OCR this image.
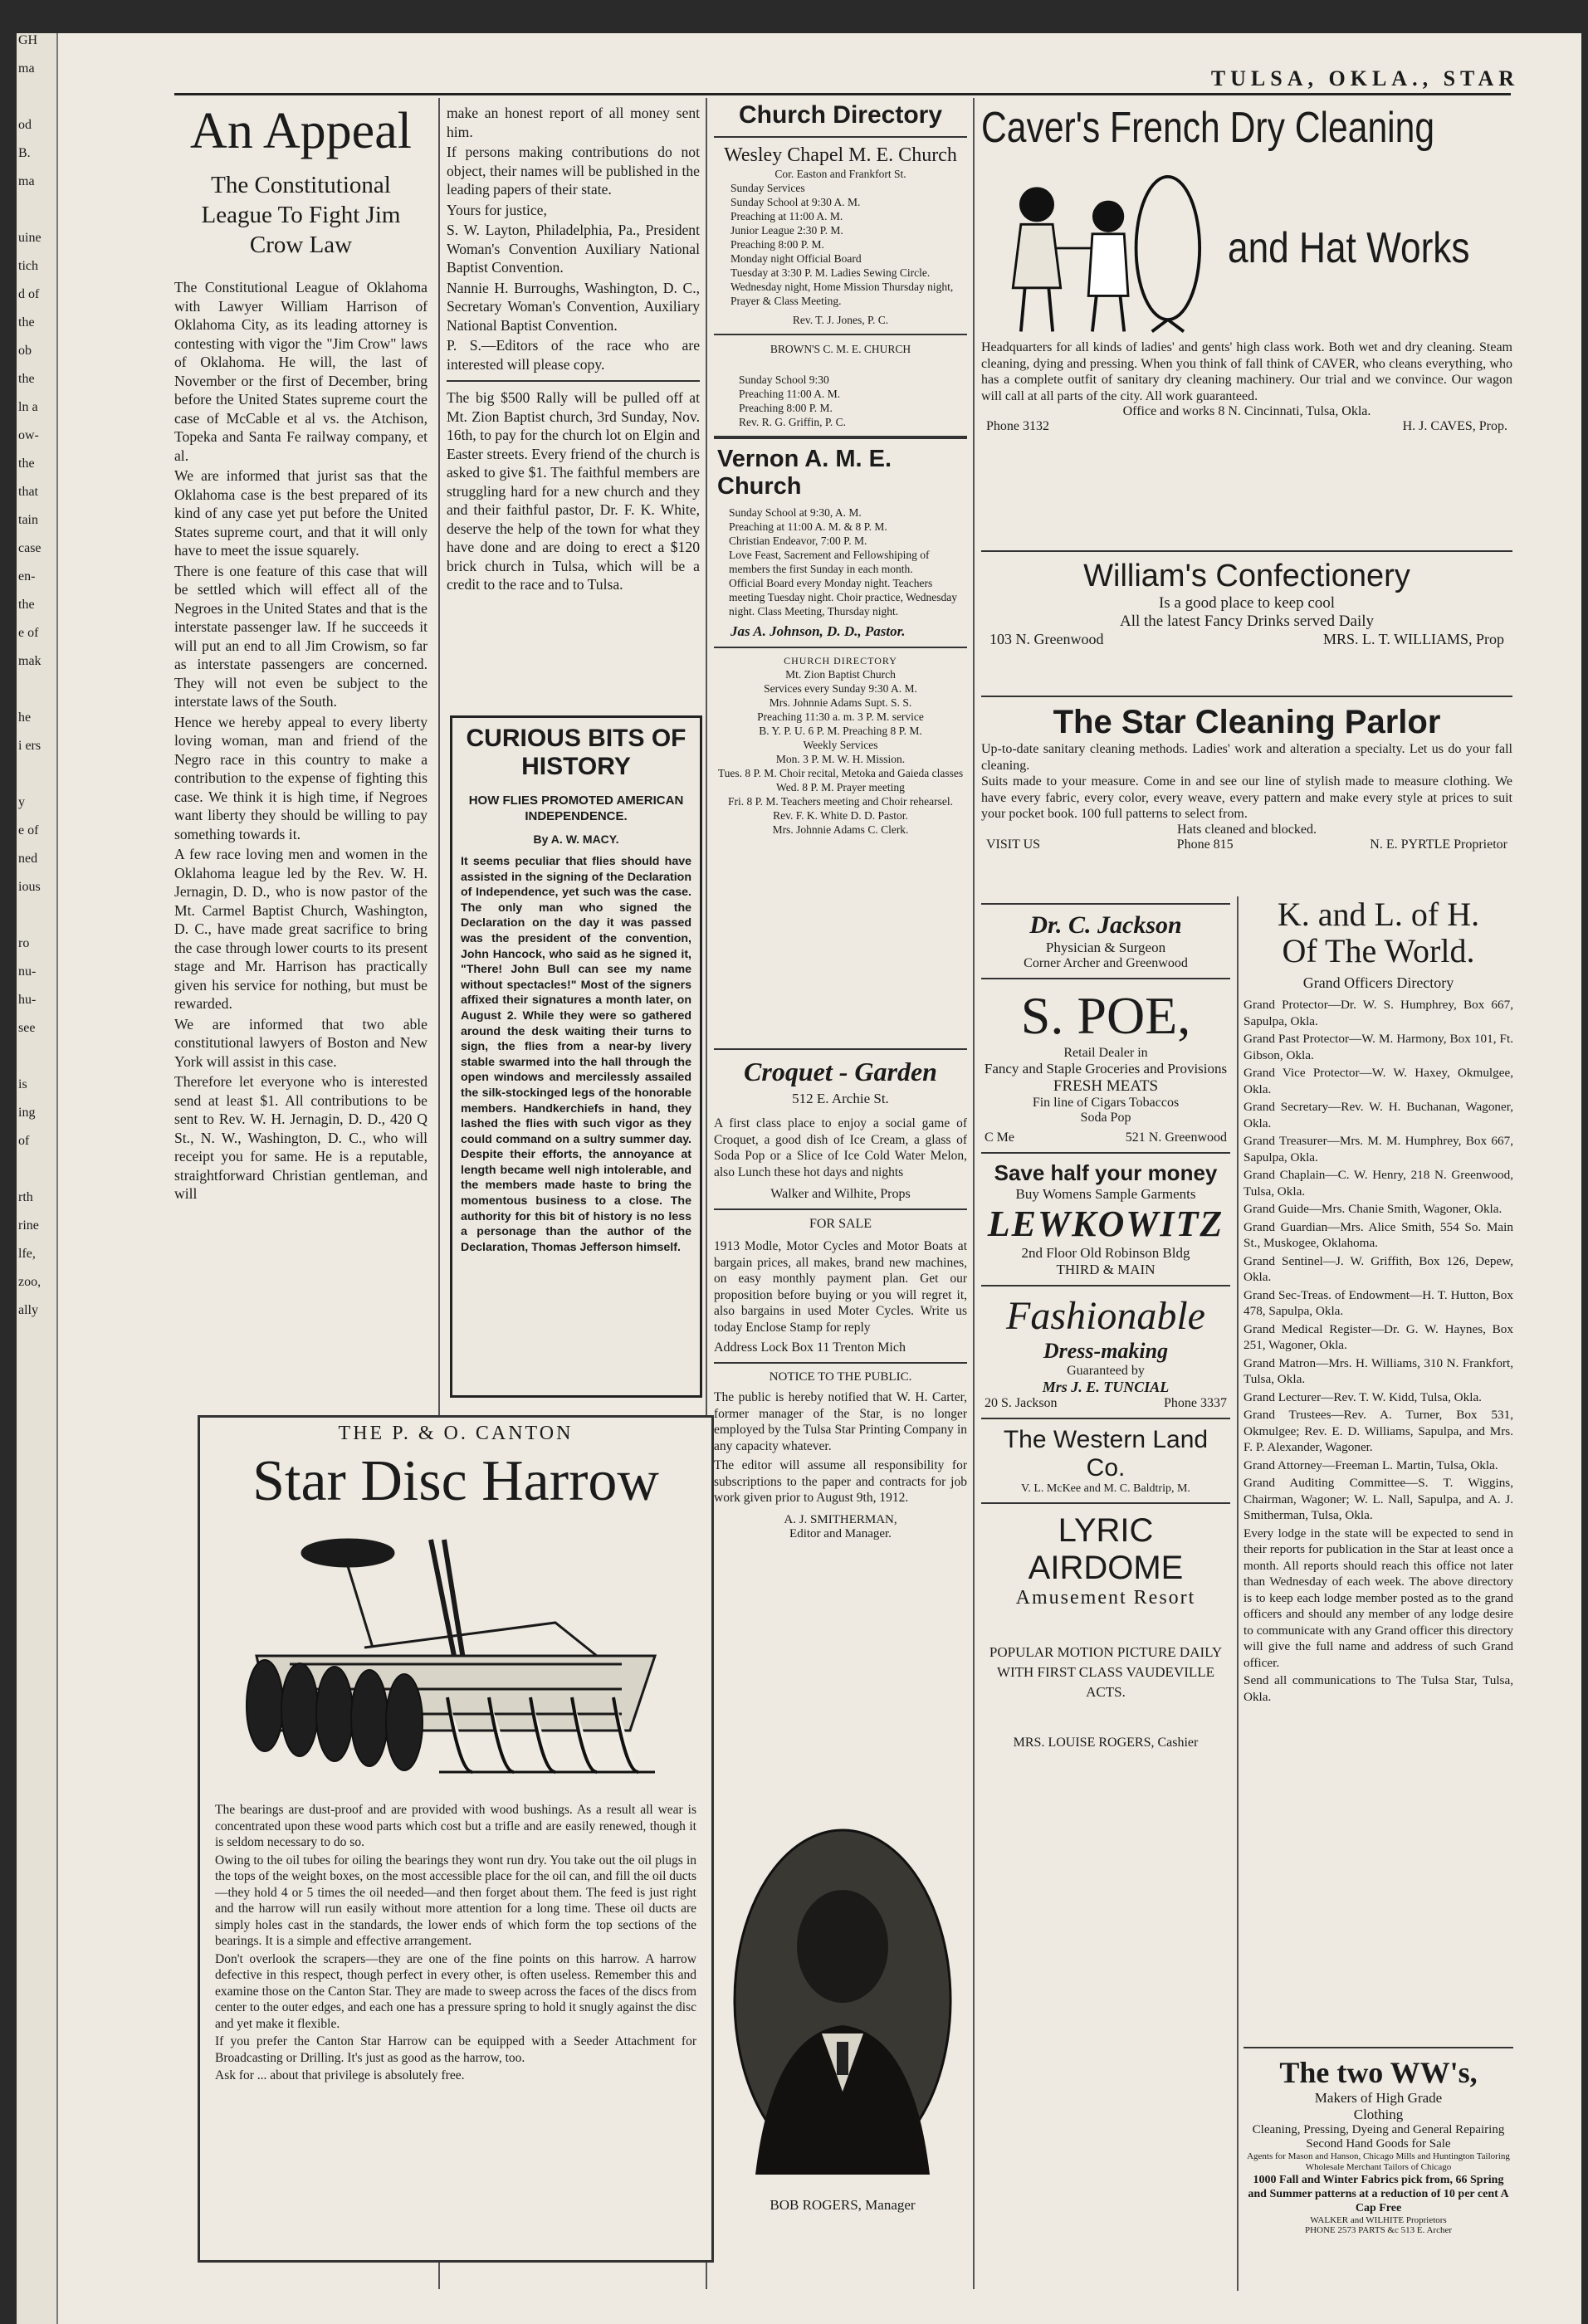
GH
ma
od
B.
ma
uine
tich
d of
the
ob
the
ln a
ow-
the
that
tain
case
en-
the
e of
mak
he
i ers
y
e of
ned
ious
ro
nu-
hu-
see
is
ing
of
rth
rine
lfe,
zoo,
ally
TULSA, OKLA., STAR
An Appeal
The Constitutional League To Fight Jim Crow Law

The Constitutional League of Oklahoma with Lawyer William Harrison of Oklahoma City, as its leading attorney is contesting with vigor the "Jim Crow" laws of Oklahoma. He will, the last of November or the first of December, bring before the United States supreme court the case of McCable et al vs. the Atchison, Topeka and Santa Fe railway company, et al.

We are informed that jurist sas that the Oklahoma case is the best prepared of its kind of any case yet put before the United States supreme court, and that it will only have to meet the issue squarely.

There is one feature of this case that will be settled which will effect all of the Negroes in the United States and that is the interstate passenger law. If he succeeds it will put an end to all Jim Crowism, so far as interstate passengers are concerned. They will not even be subject to the interstate laws of the South.

Hence we hereby appeal to every liberty loving woman, man and friend of the Negro race in this country to make a contribution to the expense of fighting this case. We think it is high time, if Negroes want liberty they should be willing to pay something towards it.

A few race loving men and women in the Oklahoma league led by the Rev. W. H. Jernagin, D. D., who is now pastor of the Mt. Carmel Baptist Church, Washington, D. C., have made great sacrifice to bring the case through lower courts to its present stage and Mr. Harrison has practically given his service for nothing, but must be rewarded.

We are informed that two able constitutional lawyers of Boston and New York will assist in this case.

Therefore let everyone who is interested send at least $1. All contributions to be sent to Rev. W. H. Jernagin, D. D., 420 Q St., N. W., Washington, D. C., who will receipt you for same. He is a reputable, straightforward Christian gentleman, and will

make an honest report of all money sent him.

If persons making contributions do not object, their names will be published in the leading papers of their state.

Yours for justice,

S. W. Layton, Philadelphia, Pa., President Woman's Convention Auxiliary National Baptist Convention.

Nannie H. Burroughs, Washington, D. C., Secretary Woman's Convention, Auxiliary National Baptist Convention.

P. S.—Editors of the race who are interested will please copy.

The big $500 Rally will be pulled off at Mt. Zion Baptist church, 3rd Sunday, Nov. 16th, to pay for the church lot on Elgin and Easter streets. Every friend of the church is asked to give $1. The faithful members are struggling hard for a new church and they and their faithful pastor, Dr. F. K. White, deserve the help of the town for what they have done and are doing to erect a $120 brick church in Tulsa, which will be a credit to the race and to Tulsa.

CURIOUS BITS OF HISTORY
HOW FLIES PROMOTED AMERICAN INDEPENDENCE.
By A. W. MACY.
It seems peculiar that flies should have assisted in the signing of the Declaration of Independence, yet such was the case. The only man who signed the Declaration on the day it was passed was the president of the convention, John Hancock, who said as he signed it, "There! John Bull can see my name without spectacles!" Most of the signers affixed their signatures a month later, on August 2. While they were so gathered around the desk waiting their turns to sign, the flies from a near-by livery stable swarmed into the hall through the open windows and mercilessly assailed the silk-stockinged legs of the honorable members. Handkerchiefs in hand, they lashed the flies with such vigor as they could command on a sultry summer day. Despite their efforts, the annoyance at length became well nigh intolerable, and the members made haste to bring the momentous business to a close. The authority for this bit of history is no less a personage than the author of the Declaration, Thomas Jefferson himself.
THE P. & O. CANTON
Star Disc Harrow

The bearings are dust-proof and are provided with wood bushings. As a result all wear is concentrated upon these wood parts which cost but a trifle and are easily renewed, though it is seldom necessary to do so.

Owing to the oil tubes for oiling the bearings they wont run dry. You take out the oil plugs in the tops of the weight boxes, on the most accessible place for the oil can, and fill the oil ducts—they hold 4 or 5 times the oil needed—and then forget about them. The feed is just right and the harrow will run easily without more attention for a long time. These oil ducts are simply holes cast in the standards, the lower ends of which form the top sections of the bearings. It is a simple and effective arrangement.

Don't overlook the scrapers—they are one of the fine points on this harrow. A harrow defective in this respect, though perfect in every other, is often useless. Remember this and examine those on the Canton Star. They are made to sweep across the faces of the discs from center to the outer edges, and each one has a pressure spring to hold it snugly against the disc and yet make it flexible.

If you prefer the Canton Star Harrow can be equipped with a Seeder Attachment for Broadcasting or Drilling. It's just as good as the harrow, too.

Ask for ... about that privilege is absolutely free.

Church Directory
Wesley Chapel M. E. Church
Cor. Easton and Frankfort St.
Sunday Services
Sunday School at 9:30 A. M.
Preaching at 11:00 A. M.
Junior League 2:30 P. M.
Preaching 8:00 P. M.
Monday night Official Board
Tuesday at 3:30 P. M. Ladies Sewing Circle.
Wednesday night, Home Mission Thursday night, Prayer & Class Meeting.
Rev. T. J. Jones, P. C.
BROWN'S C. M. E. CHURCH
Sunday School 9:30
Preaching 11:00 A. M.
Preaching 8:00 P. M.
Rev. R. G. Griffin, P. C.
Vernon A. M. E. Church
Sunday School at 9:30, A. M.
Preaching at 11:00 A. M. & 8 P. M.
Christian Endeavor, 7:00 P. M.
Love Feast, Sacrement and Fellowshiping of members the first Sunday in each month.
Official Board every Monday night. Teachers meeting Tuesday night. Choir practice, Wednesday night. Class Meeting, Thursday night.
Jas A. Johnson, D. D., Pastor.
CHURCH DIRECTORY
Mt. Zion Baptist Church
Services every Sunday 9:30 A. M.
Mrs. Johnnie Adams Supt. S. S.
Preaching 11:30 a. m. 3 P. M. service
B. Y. P. U. 6 P. M. Preaching 8 P. M.
Weekly Services
Mon. 3 P. M. W. H. Mission.
Tues. 8 P. M. Choir recital, Metoka and Gaieda classes
Wed. 8 P. M. Prayer meeting
Fri. 8 P. M. Teachers meeting and Choir rehearsel.
Rev. F. K. White D. D. Pastor.
Mrs. Johnnie Adams C. Clerk.
Croquet - Garden
512 E. Archie St.
A first class place to enjoy a social game of Croquet, a good dish of Ice Cream, a glass of Soda Pop or a Slice of Ice Cold Water Melon, also Lunch these hot days and nights
Walker and Wilhite, Props
FOR SALE
1913 Modle, Motor Cycles and Motor Boats at bargain prices, all makes, brand new machines, on easy monthly payment plan. Get our proposition before buying or you will regret it, also bargains in used Moter Cycles. Write us today Enclose Stamp for reply
Address Lock Box 11 Trenton Mich
NOTICE TO THE PUBLIC.
The public is hereby notified that W. H. Carter, former manager of the Star, is no longer employed by the Tulsa Star Printing Company in any capacity whatever.
The editor will assume all responsibility for subscriptions to the paper and contracts for job work given prior to August 9th, 1912.
A. J. SMITHERMAN,
Editor and Manager.
BOB ROGERS, Manager
Caver's French Dry Cleaning
and Hat Works
Headquarters for all kinds of ladies' and gents' high class work. Both wet and dry cleaning. Steam cleaning, dying and pressing. When you think of fall think of CAVER, who cleans everything, who has a complete outfit of sanitary dry cleaning machinery. Our trial and we convince. Our wagon will call at all parts of the city. All work guaranteed.
Office and works 8 N. Cincinnati, Tulsa, Okla.
Phone 3132	H. J. CAVES, Prop.
William's Confectionery
Is a good place to keep cool
All the latest Fancy Drinks served Daily
103 N. Greenwood	MRS. L. T. WILLIAMS, Prop
The Star Cleaning Parlor
Up-to-date sanitary cleaning methods. Ladies' work and alteration a specialty. Let us do your fall cleaning.
Suits made to your measure. Come in and see our line of stylish made to measure clothing. We have every fabric, every color, every weave, every pattern and make every style at prices to suit your pocket book. 100 full patterns to select from.
Hats cleaned and blocked.
VISIT US	Phone 815	N. E. PYRTLE Proprietor
Dr. C. Jackson
Physician & Surgeon
Corner Archer and Greenwood
S. POE,
Retail Dealer in
Fancy and Staple Groceries and Provisions
FRESH MEATS
Fin line of Cigars Tobaccos
Soda Pop
C Me	521 N. Greenwood
Save half your money
Buy Womens Sample Garments
LEWKOWITZ
2nd Floor Old Robinson Bldg
THIRD & MAIN
Fashionable
Dress-making
Guaranteed by
Mrs J. E. TUNCIAL
20 S. Jackson	Phone 3337
The Western Land Co.
V. L. McKee and M. C. Baldtrip, M.
LYRIC
AIRDOME
Amusement Resort
POPULAR MOTION PICTURE DAILY WITH FIRST CLASS VAUDEVILLE ACTS.
MRS. LOUISE ROGERS, Cashier
K. and L. of H.
Of The World.
Grand Officers Directory

Grand Protector—Dr. W. S. Humphrey, Box 667, Sapulpa, Okla.

Grand Past Protector—W. M. Harmony, Box 101, Ft. Gibson, Okla.

Grand Vice Protector—W. W. Haxey, Okmulgee, Okla.

Grand Secretary—Rev. W. H. Buchanan, Wagoner, Okla.

Grand Treasurer—Mrs. M. M. Humphrey, Box 667, Sapulpa, Okla.

Grand Chaplain—C. W. Henry, 218 N. Greenwood, Tulsa, Okla.

Grand Guide—Mrs. Chanie Smith, Wagoner, Okla.

Grand Guardian—Mrs. Alice Smith, 554 So. Main St., Muskogee, Oklahoma.

Grand Sentinel—J. W. Griffith, Box 126, Depew, Okla.

Grand Sec-Treas. of Endowment—H. T. Hutton, Box 478, Sapulpa, Okla.

Grand Medical Register—Dr. G. W. Haynes, Box 251, Wagoner, Okla.

Grand Matron—Mrs. H. Williams, 310 N. Frankfort, Tulsa, Okla.

Grand Lecturer—Rev. T. W. Kidd, Tulsa, Okla.

Grand Trustees—Rev. A. Turner, Box 531, Okmulgee; Rev. E. D. Williams, Sapulpa, and Mrs. F. P. Alexander, Wagoner.

Grand Attorney—Freeman L. Martin, Tulsa, Okla.

Grand Auditing Committee—S. T. Wiggins, Chairman, Wagoner; W. L. Nall, Sapulpa, and A. J. Smitherman, Tulsa, Okla.

Every lodge in the state will be expected to send in their reports for publication in the Star at least once a month. All reports should reach this office not later than Wednesday of each week. The above directory is to keep each lodge member posted as to the grand officers and should any member of any lodge desire to communicate with any Grand officer this directory will give the full name and address of such Grand officer.

Send all communications to The Tulsa Star, Tulsa, Okla.

The two WW's,
Makers of High Grade
Clothing
Cleaning, Pressing, Dyeing and General Repairing
Second Hand Goods for Sale
Agents for Mason and Hanson, Chicago Mills and Huntington Tailoring Wholesale Merchant Tailors of Chicago
1000 Fall and Winter Fabrics pick from, 66 Spring and Summer patterns at a reduction of 10 per cent A Cap Free
WALKER and WILHITE Proprietors
PHONE 2573 PARTS &c 513 E. Archer
